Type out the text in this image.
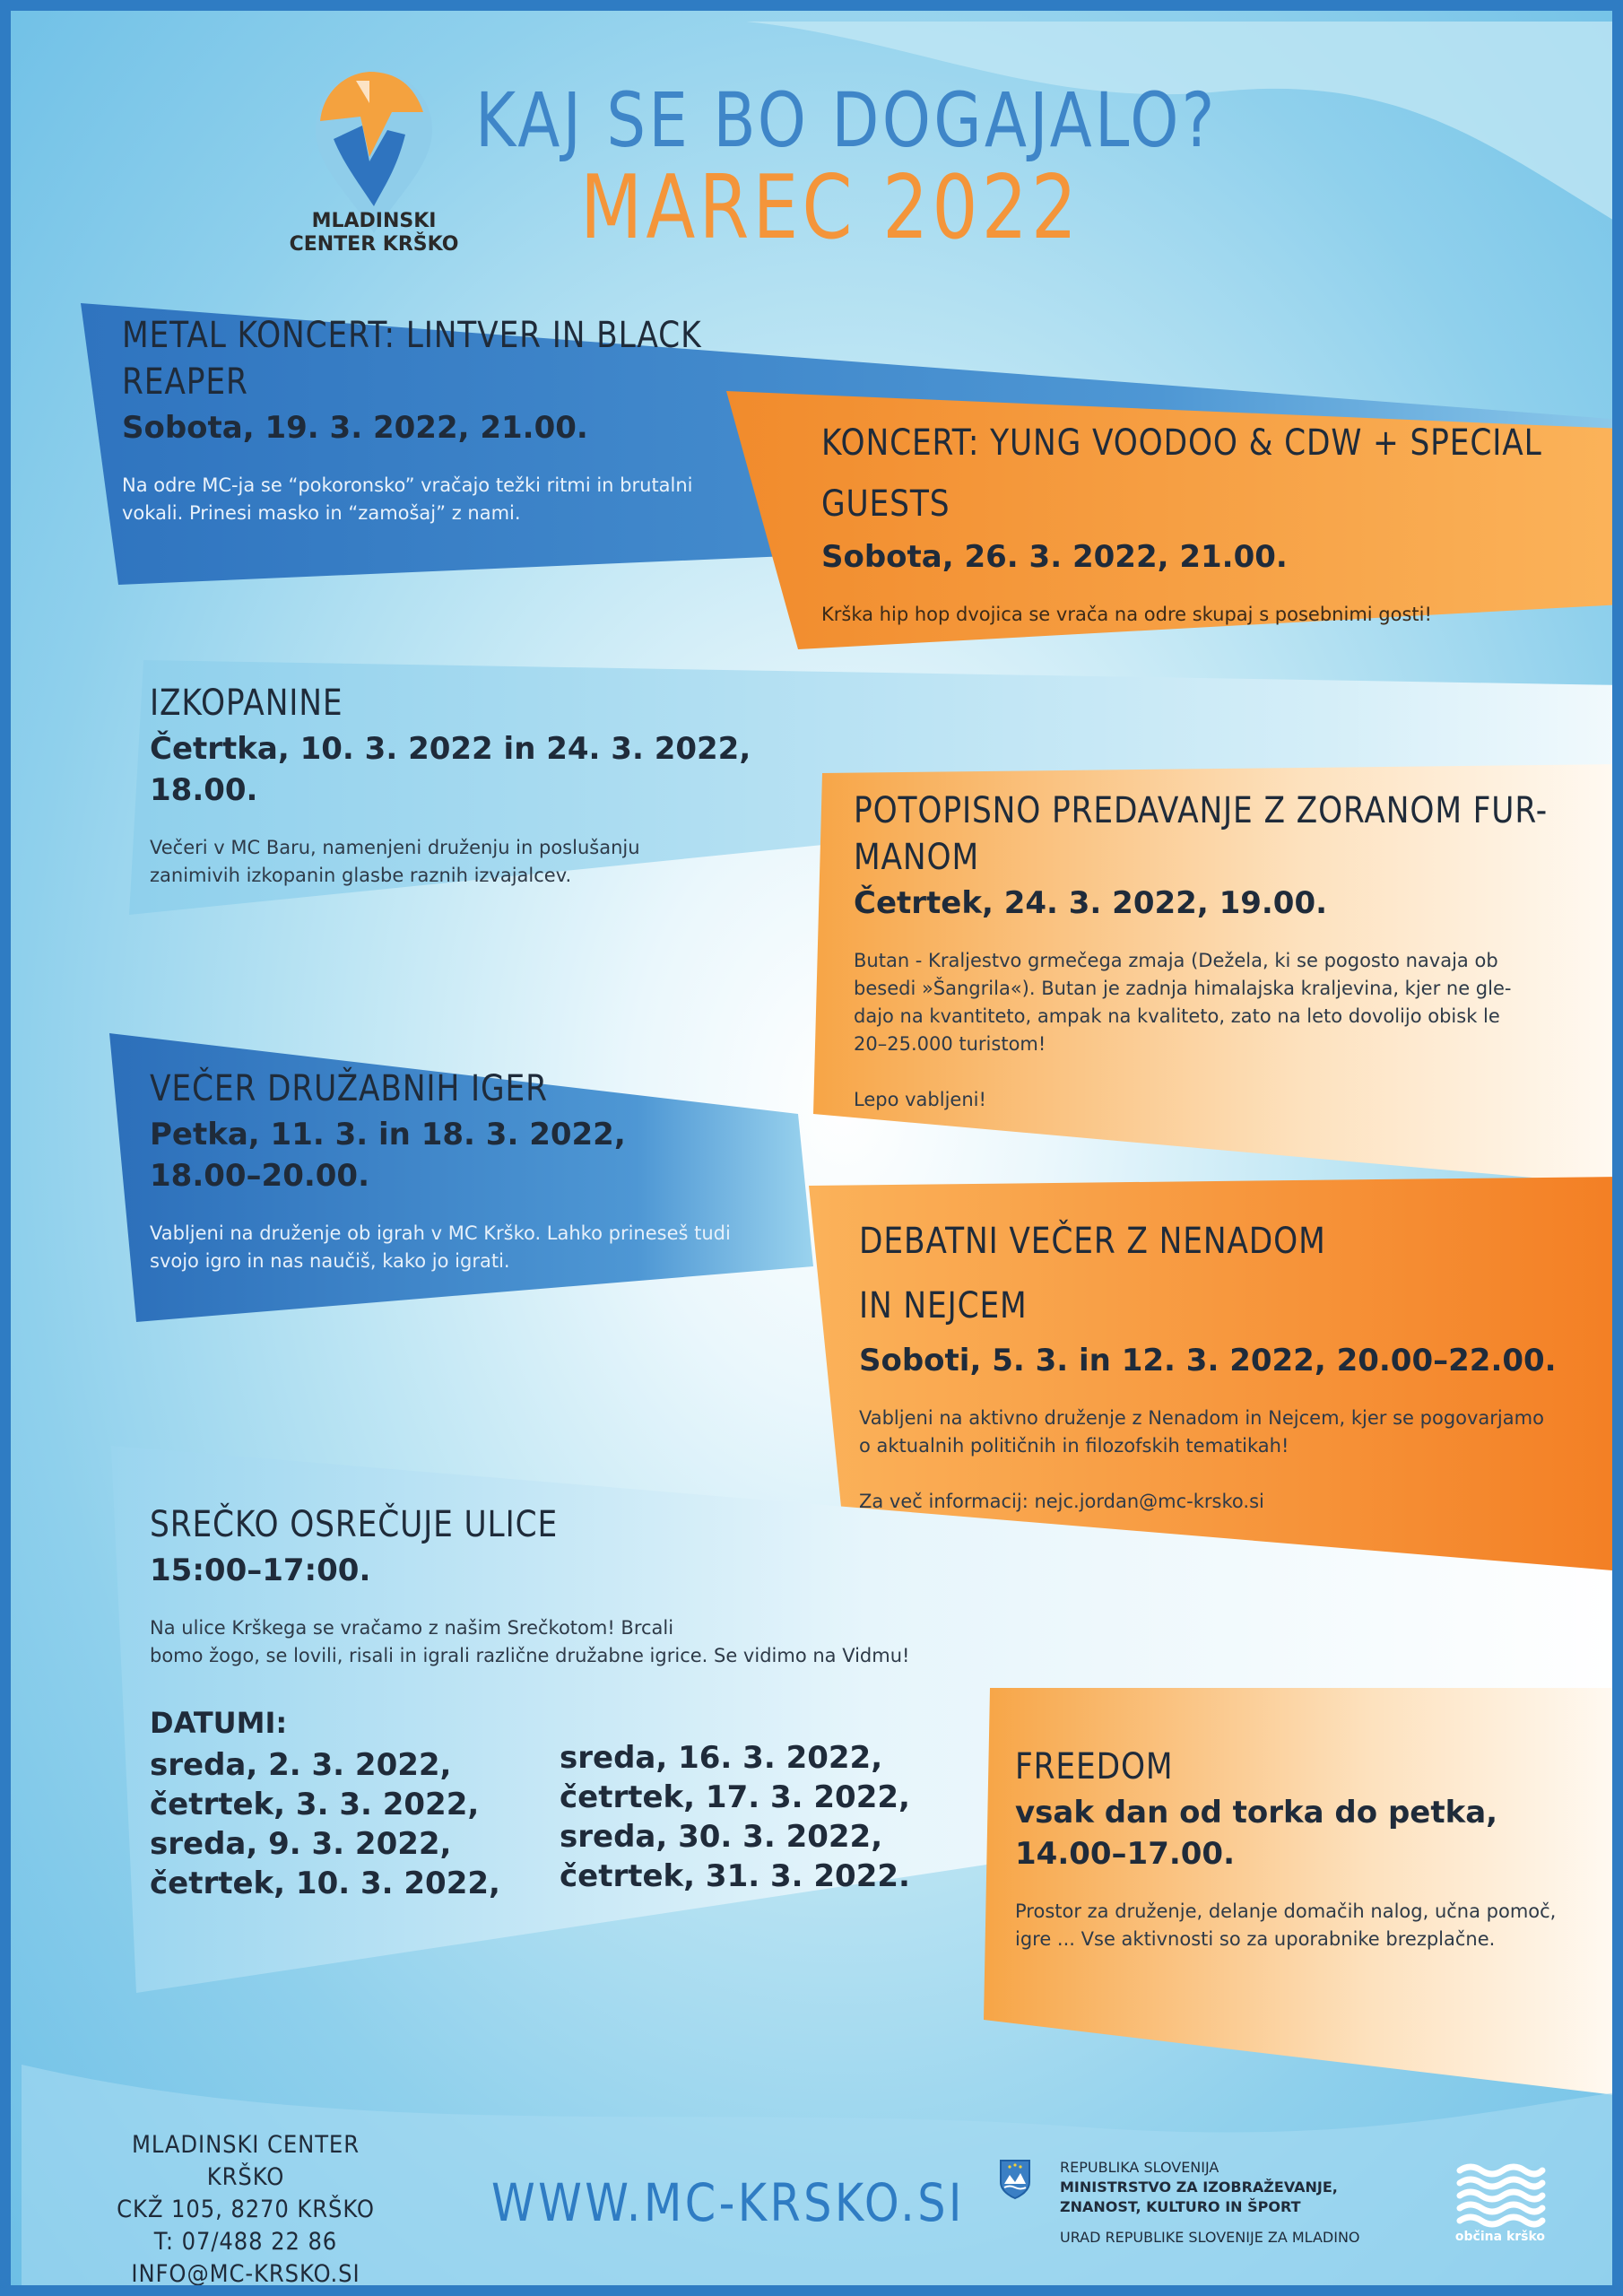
MLADINSKI
CENTER KRŠKO
KAJ SE BO DOGAJALO?
MAREC 2022
METAL KONCERT: LINTVER IN BLACK REAPER
Sobota, 19. 3. 2022, 21.00.
Na odre MC-ja se “pokoronsko” vračajo težki ritmi in brutalni
vokali. Prinesi masko in “zamošaj” z nami.
KONCERT: YUNG VOODOO & CDW + SPECIAL GUESTS
Sobota, 26. 3. 2022, 21.00.
Krška hip hop dvojica se vrača na odre skupaj s posebnimi gosti!
IZKOPANINE
Četrtka, 10. 3. 2022 in 24. 3. 2022,
18.00.
Večeri v MC Baru, namenjeni druženju in poslušanju
zanimivih izkopanin glasbe raznih izvajalcev.
POTOPISNO PREDAVANJE Z ZORANOM FUR- MANOM
Četrtek, 24. 3. 2022, 19.00.
Butan - Kraljestvo grmečega zmaja (Dežela, ki se pogosto navaja ob
besedi »Šangrila«). Butan je zadnja himalajska kraljevina, kjer ne gle-
dajo na kvantiteto, ampak na kvaliteto, zato na leto dovolijo obisk le
20–25.000 turistom!

Lepo vabljeni!
VEČER DRUŽABNIH IGER
Petka, 11. 3. in 18. 3. 2022,
18.00–20.00.
Vabljeni na druženje ob igrah v MC Krško. Lahko prineseš tudi
svojo igro in nas naučiš, kako jo igrati.	DEBATNI VEČER Z NENADOM IN NEJCEM
Soboti, 5. 3. in 12. 3. 2022, 20.00–22.00.
Vabljeni na aktivno druženje z Nenadom in Nejcem, kjer se pogovarjamo
o aktualnih političnih in filozofskih tematikah!

Za več informacij: nejc.jordan@mc-krsko.si
SREČKO OSREČUJE ULICE
15:00–17:00.
Na ulice Krškega se vračamo z našim Srečkotom! Brcali
bomo žogo, se lovili, risali in igrali različne družabne igrice. Se vidimo na Vidmu!
DATUMI:
sreda, 2. 3. 2022,
četrtek, 3. 3. 2022,
sreda, 9. 3. 2022,
četrtek, 10. 3. 2022,
sreda, 16. 3. 2022,
četrtek, 17. 3. 2022,
sreda, 30. 3. 2022,
četrtek, 31. 3. 2022.
FREEDOM
vsak dan od torka do petka,
14.00–17.00.
Prostor za druženje, delanje domačih nalog, učna pomoč,
igre ... Vse aktivnosti so za uporabnike brezplačne.
MLADINSKI CENTER KRŠKO
CKŽ 105, 8270 KRŠKO
T: 07/488 22 86
INFO@MC-KRSKO.SI
WWW.MC-KRSKO.SI
REPUBLIKA SLOVENIJA
MINISTRSTVO ZA IZOBRAŽEVANJE,
ZNANOST, KULTURO IN ŠPORT
URAD REPUBLIKE SLOVENIJE ZA MLADINO	občina krško
